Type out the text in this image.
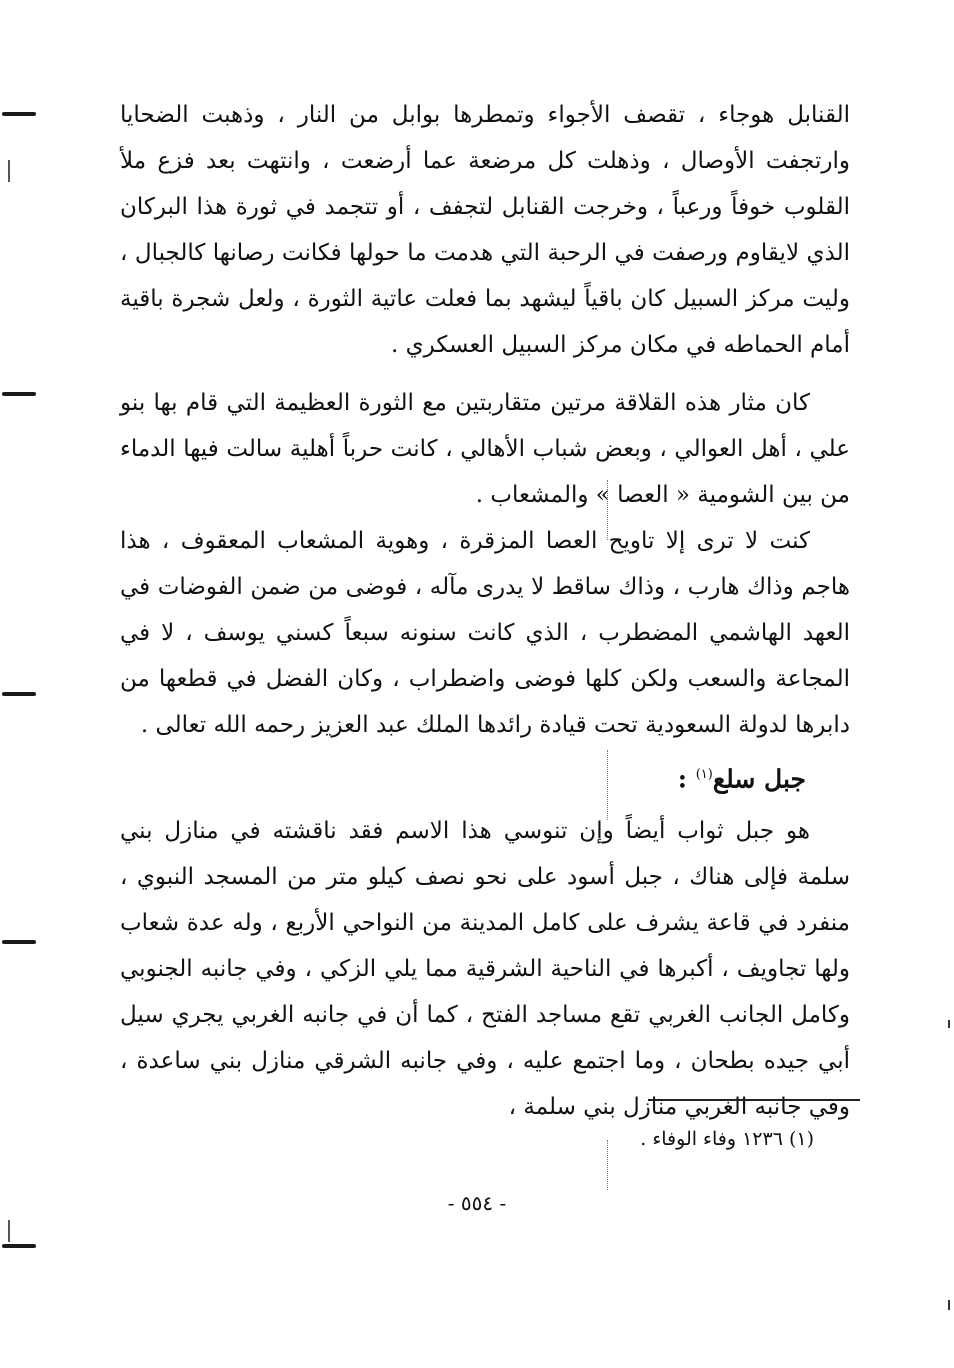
القنابل هوجاء ، تقصف الأجواء وتمطرها بوابل من النار ، وذهبت الضحايا وارتجفت الأوصال ، وذهلت كل مرضعة عما أرضعت ، وانتهت بعد فزع ملأ القلوب خوفاً ورعباً ، وخرجت القنابل لتجفف ، أو تتجمد في ثورة هذا البركان الذي لايقاوم ورصفت في الرحبة التي هدمت ما حولها فكانت رصانها كالجبال ، وليت مركز السبيل كان باقياً ليشهد بما فعلت عاتية الثورة ، ولعل شجرة باقية أمام الحماطه في مكان مركز السبيل العسكري .

كان مثار هذه القلاقة مرتين متقاربتين مع الثورة العظيمة التي قام بها بنو علي ، أهل العوالي ، وبعض شباب الأهالي ، كانت حرباً أهلية سالت فيها الدماء من بين الشومية « العصا » والمشعاب .

كنت لا ترى إلا تاويح العصا المزقرة ، وهوية المشعاب المعقوف ، هذا هاجم وذاك هارب ، وذاك ساقط لا يدرى مآله ، فوضى من ضمن الفوضات في العهد الهاشمي المضطرب ، الذي كانت سنونه سبعاً كسني يوسف ، لا في المجاعة والسعب ولكن كلها فوضى واضطراب ، وكان الفضل في قطعها من دابرها لدولة السعودية تحت قيادة رائدها الملك عبد العزيز رحمه الله تعالى .

جبل سلع$^{(١)}$ :

هو جبل ثواب أيضاً وإن تنوسي هذا الاسم فقد ناقشته في منازل بني سلمة فإلى هناك ، جبل أسود على نحو نصف كيلو متر من المسجد النبوي ، منفرد في قاعة يشرف على كامل المدينة من النواحي الأربع ، وله عدة شعاب ولها تجاويف ، أكبرها في الناحية الشرقية مما يلي الزكي ، وفي جانبه الجنوبي وكامل الجانب الغربي تقع مساجد الفتح ، كما أن في جانبه الغربي يجري سيل أبي جيده بطحان ، وما اجتمع عليه ، وفي جانبه الشرقي منازل بني ساعدة ، وفي جانبه الغربي منازل بني سلمة ،

(١) ١٢٣٦ وفاء الوفاء .
- ٥٥٤ -
